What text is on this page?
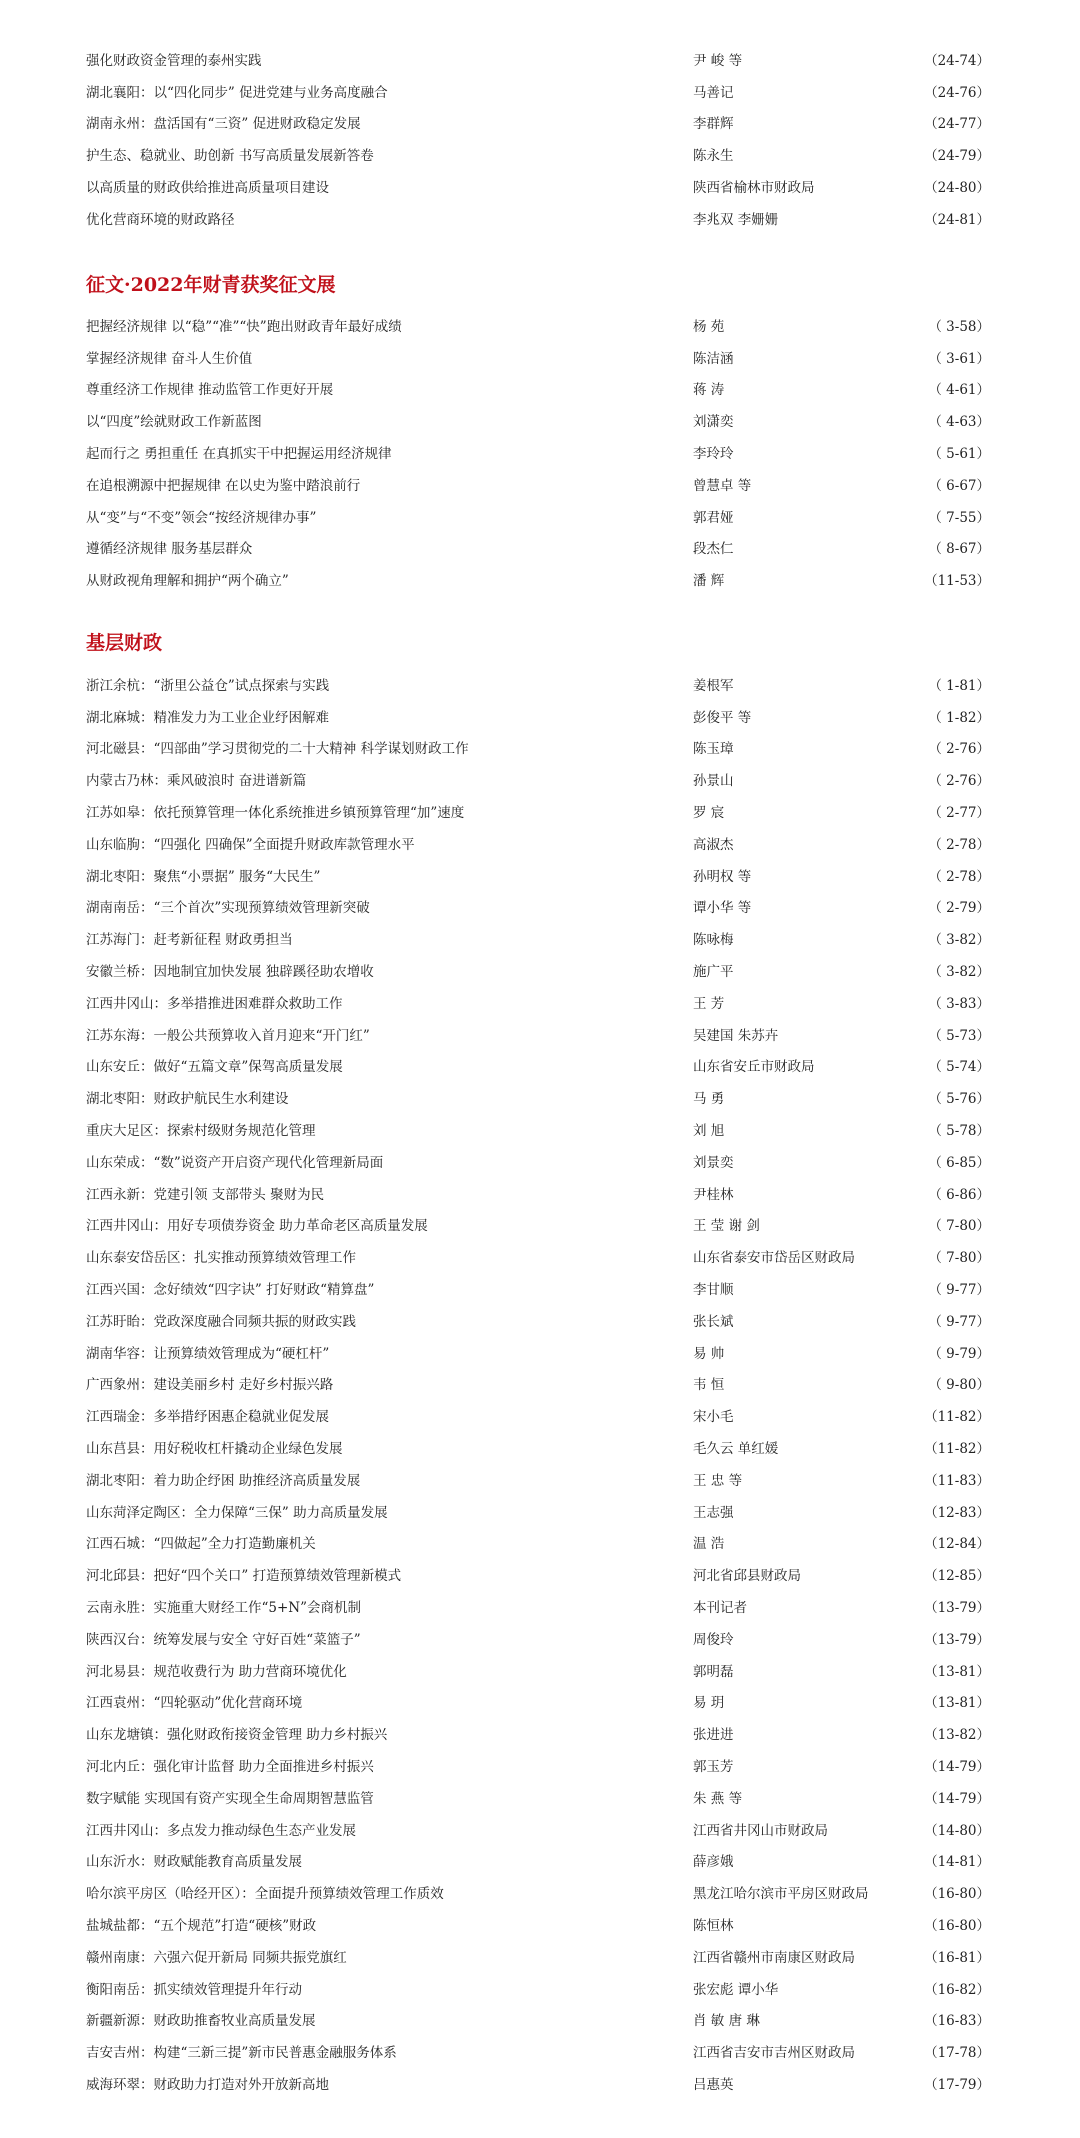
强化财政资金管理的泰州实践	尹 峻 等	（24-74）
湖北襄阳：以“四化同步” 促进党建与业务高度融合	马善记	（24-76）
湖南永州：盘活国有“三资” 促进财政稳定发展	李群辉	（24-77）
护生态、稳就业、助创新 书写高质量发展新答卷	陈永生	（24-79）
以高质量的财政供给推进高质量项目建设	陕西省榆林市财政局	（24-80）
优化营商环境的财政路径	李兆双 李姗姗	（24-81）
征文·2022年财青获奖征文展
把握经济规律 以“稳”“准”“快”跑出财政青年最好成绩	杨 苑	（ 3-58）
掌握经济规律 奋斗人生价值	陈洁涵	（ 3-61）
尊重经济工作规律 推动监管工作更好开展	蒋 涛	（ 4-61）
以“四度”绘就财政工作新蓝图	刘潇奕	（ 4-63）
起而行之 勇担重任 在真抓实干中把握运用经济规律	李玲玲	（ 5-61）
在追根溯源中把握规律 在以史为鉴中踏浪前行	曾慧卓 等	（ 6-67）
从“变”与“不变”领会“按经济规律办事”	郭君娅	（ 7-55）
遵循经济规律 服务基层群众	段杰仁	（ 8-67）
从财政视角理解和拥护“两个确立”	潘 辉	（11-53）
基层财政
浙江余杭：“浙里公益仓”试点探索与实践	姜根军	（ 1-81）
湖北麻城：精准发力为工业企业纾困解难	彭俊平 等	（ 1-82）
河北磁县：“四部曲”学习贯彻党的二十大精神 科学谋划财政工作	陈玉璋	（ 2-76）
内蒙古乃林：乘风破浪时 奋进谱新篇	孙景山	（ 2-76）
江苏如皋：依托预算管理一体化系统推进乡镇预算管理“加”速度	罗 宸	（ 2-77）
山东临朐：“四强化 四确保”全面提升财政库款管理水平	高淑杰	（ 2-78）
湖北枣阳：聚焦“小票据” 服务“大民生”	孙明权 等	（ 2-78）
湖南南岳：“三个首次”实现预算绩效管理新突破	谭小华 等	（ 2-79）
江苏海门：赶考新征程 财政勇担当	陈咏梅	（ 3-82）
安徽兰桥：因地制宜加快发展 独辟蹊径助农增收	施广平	（ 3-82）
江西井冈山：多举措推进困难群众救助工作	王 芳	（ 3-83）
江苏东海：一般公共预算收入首月迎来“开门红”	吴建国 朱苏卉	（ 5-73）
山东安丘：做好“五篇文章”保驾高质量发展	山东省安丘市财政局	（ 5-74）
湖北枣阳：财政护航民生水利建设	马 勇	（ 5-76）
重庆大足区：探索村级财务规范化管理	刘 旭	（ 5-78）
山东荣成：“数”说资产开启资产现代化管理新局面	刘景奕	（ 6-85）
江西永新：党建引领 支部带头 聚财为民	尹桂林	（ 6-86）
江西井冈山：用好专项债券资金 助力革命老区高质量发展	王 莹 谢 剑	（ 7-80）
山东泰安岱岳区：扎实推动预算绩效管理工作	山东省泰安市岱岳区财政局	（ 7-80）
江西兴国：念好绩效“四字诀” 打好财政“精算盘”	李甘顺	（ 9-77）
江苏盱眙：党政深度融合同频共振的财政实践	张长斌	（ 9-77）
湖南华容：让预算绩效管理成为“硬杠杆”	易 帅	（ 9-79）
广西象州：建设美丽乡村 走好乡村振兴路	韦 恒	（ 9-80）
江西瑞金：多举措纾困惠企稳就业促发展	宋小毛	（11-82）
山东莒县：用好税收杠杆撬动企业绿色发展	毛久云 单红媛	（11-82）
湖北枣阳：着力助企纾困 助推经济高质量发展	王 忠 等	（11-83）
山东菏泽定陶区：全力保障“三保” 助力高质量发展	王志强	（12-83）
江西石城：“四做起”全力打造勤廉机关	温 浩	（12-84）
河北邱县：把好“四个关口” 打造预算绩效管理新模式	河北省邱县财政局	（12-85）
云南永胜：实施重大财经工作“5+N”会商机制	本刊记者	（13-79）
陕西汉台：统筹发展与安全 守好百姓“菜篮子”	周俊玲	（13-79）
河北易县：规范收费行为 助力营商环境优化	郭明磊	（13-81）
江西袁州：“四轮驱动”优化营商环境	易 玥	（13-81）
山东龙塘镇：强化财政衔接资金管理 助力乡村振兴	张进进	（13-82）
河北内丘：强化审计监督 助力全面推进乡村振兴	郭玉芳	（14-79）
数字赋能 实现国有资产实现全生命周期智慧监管	朱 燕 等	（14-79）
江西井冈山：多点发力推动绿色生态产业发展	江西省井冈山市财政局	（14-80）
山东沂水：财政赋能教育高质量发展	薛彦娥	（14-81）
哈尔滨平房区（哈经开区）：全面提升预算绩效管理工作质效	黑龙江哈尔滨市平房区财政局	（16-80）
盐城盐都：“五个规范”打造“硬核”财政	陈恒林	（16-80）
赣州南康：六强六促开新局 同频共振党旗红	江西省赣州市南康区财政局	（16-81）
衡阳南岳：抓实绩效管理提升年行动	张宏彪 谭小华	（16-82）
新疆新源：财政助推畜牧业高质量发展	肖 敏 唐 琳	（16-83）
吉安吉州：构建“三新三提”新市民普惠金融服务体系	江西省吉安市吉州区财政局	（17-78）
威海环翠：财政助力打造对外开放新高地	吕惠英	（17-79）
